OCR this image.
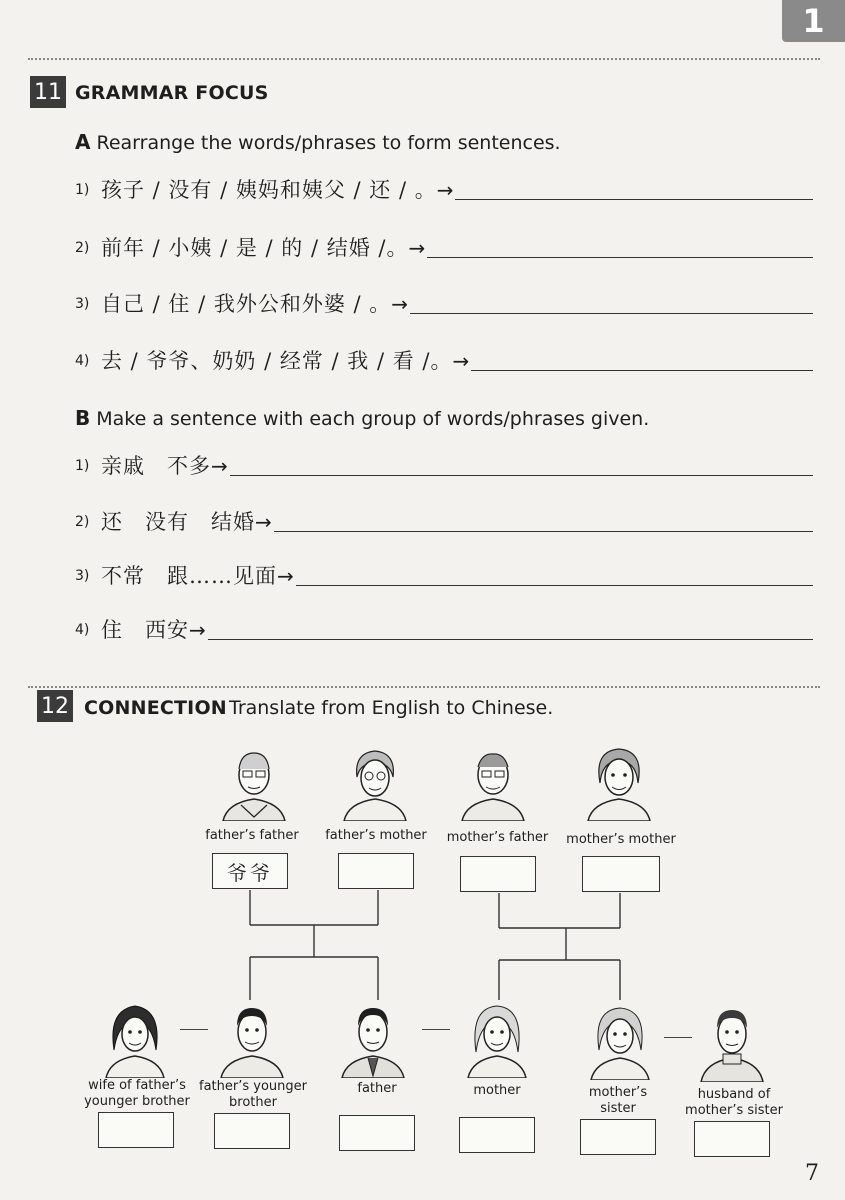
1
11 GRAMMAR FOCUS
A Rearrange the words/phrases to form sentences.
1) 孩子 / 没有 / 姨妈和姨父 / 还 / 。 →
2) 前年 / 小姨 / 是 / 的 / 结婚 /。 →
3) 自己 / 住 / 我外公和外婆 / 。 →
4) 去 / 爷爷、奶奶 / 经常 / 我 / 看 /。 →
B Make a sentence with each group of words/phrases given.
1) 亲戚　不多 →
2) 还　没有　结婚 →
3) 不常　跟……见面 →
4) 住　西安 →
12 CONNECTION Translate from English to Chinese.
father’s father	father’s mother	mother’s father	mother’s mother
爷爷
wife of father’s younger brother
father’s younger brother
father	mother	mother’s sister
husband of mother’s sister
7
